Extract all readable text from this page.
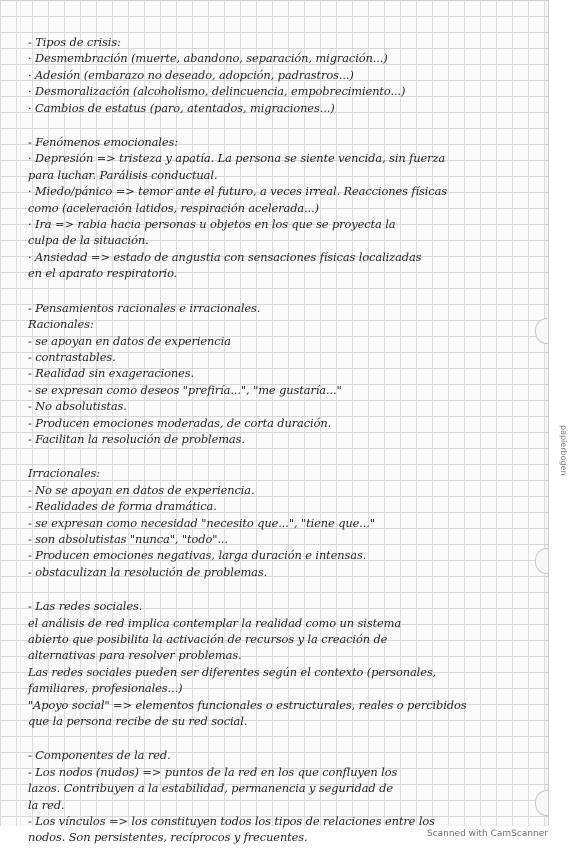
- Tipos de crisis:

· Desmembración (muerte, abandono, separación, migración...)

· Adesión (embarazo no deseado, adopción, padrastros...)

· Desmoralización (alcoholismo, delincuencia, empobrecimiento...)

· Cambios de estatus (paro, atentados, migraciones...)

- Fenómenos emocionales:

· Depresión => tristeza y apatía. La persona se siente vencida, sin fuerza

para luchar. Parálisis conductual.

· Miedo/pánico => temor ante el futuro, a veces irreal. Reacciones físicas

como (aceleración latidos, respiración acelerada...)

· Ira => rabia hacia personas u objetos en los que se proyecta la

culpa de la situación.

· Ansiedad => estado de angustia con sensaciones físicas localizadas

en el aparato respiratorio.

- Pensamientos racionales e irracionales.

Racionales:

- se apoyan en datos de experiencia

- contrastables.

- Realidad sin exageraciones.

- se expresan como deseos "prefiría...", "me gustaría..."

- No absolutistas.

- Producen emociones moderadas, de corta duración.

- Facilitan la resolución de problemas.

Irracionales:

- No se apoyan en datos de experiencia.

- Realidades de forma dramática.

- se expresan como necesidad "necesito que...", "tiene que..."

- son absolutistas "nunca", "todo"...

- Producen emociones negativas, larga duración e intensas.

- obstaculizan la resolución de problemas.

- Las redes sociales.

el análisis de red implica contemplar la realidad como un sistema

abierto que posibilita la activación de recursos y la creación de

alternativas para resolver problemas.

Las redes sociales pueden ser diferentes según el contexto (personales,

familiares, profesionales...)

"Apoyo social" => elementos funcionales o estructurales, reales o percibidos

que la persona recibe de su red social.

- Componentes de la red.

- Los nodos (nudos) => puntos de la red en los que confluyen los

lazos. Contribuyen a la estabilidad, permanencia y seguridad de

la red.

- Los vínculos => los constituyen todos los tipos de relaciones entre los

nodos. Son persistentes, recíprocos y frecuentes.

papierbogen
Scanned with CamScanner
